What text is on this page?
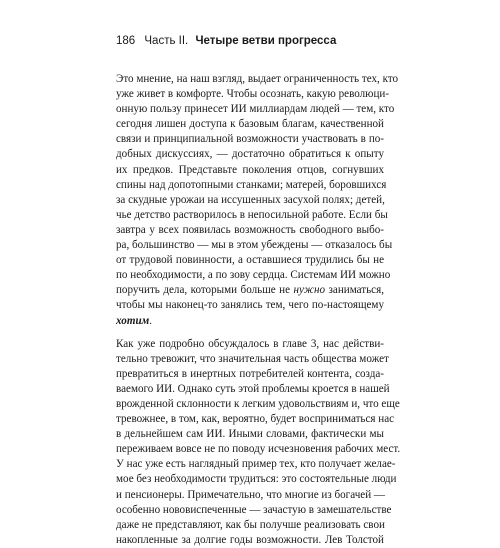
186 Часть II. Четыре ветви прогресса
Это мнение, на наш взгляд, выдает ограниченность тех, кто
уже живет в комфорте. Чтобы осознать, какую революци-
онную пользу принесет ИИ миллиардам людей — тем, кто
сегодня лишен доступа к базовым благам, качественной
связи и принципиальной возможности участвовать в по-
добных дискуссиях, — достаточно обратиться к опыту
их предков. Представьте поколения отцов, согнувших
спины над допотопными станками; матерей, боровшихся
за скудные урожаи на иссушенных засухой полях; детей,
чье детство растворилось в непосильной работе. Если бы
завтра у всех появилась возможность свободного выбо-
ра, большинство — мы в этом убеждены — отказалось бы
от трудовой повинности, а оставшиеся трудились бы не
по необходимости, а по зову сердца. Системам ИИ можно
поручить дела, которыми больше не нужно заниматься,
чтобы мы наконец-то занялись тем, чего по-настоящему
хотим.
Как уже подробно обсуждалось в главе 3, нас действи-
тельно тревожит, что значительная часть общества может
превратиться в инертных потребителей контента, созда-
ваемого ИИ. Однако суть этой проблемы кроется в нашей
врожденной склонности к легким удовольствиям и, что еще
тревожнее, в том, как, вероятно, будет восприниматься нас
в дельнейшем сам ИИ. Иными словами, фактически мы
переживаем вовсе не по поводу исчезновения рабочих мест.
У нас уже есть наглядный пример тех, кто получает желае-
мое без необходимости трудиться: это состоятельные люди
и пенсионеры. Примечательно, что многие из богачей —
особенно нововиспеченные — зачастую в замешательстве
даже не представляют, как бы получше реализовать свои
накопленные за долгие годы возможности. Лев Толстой
